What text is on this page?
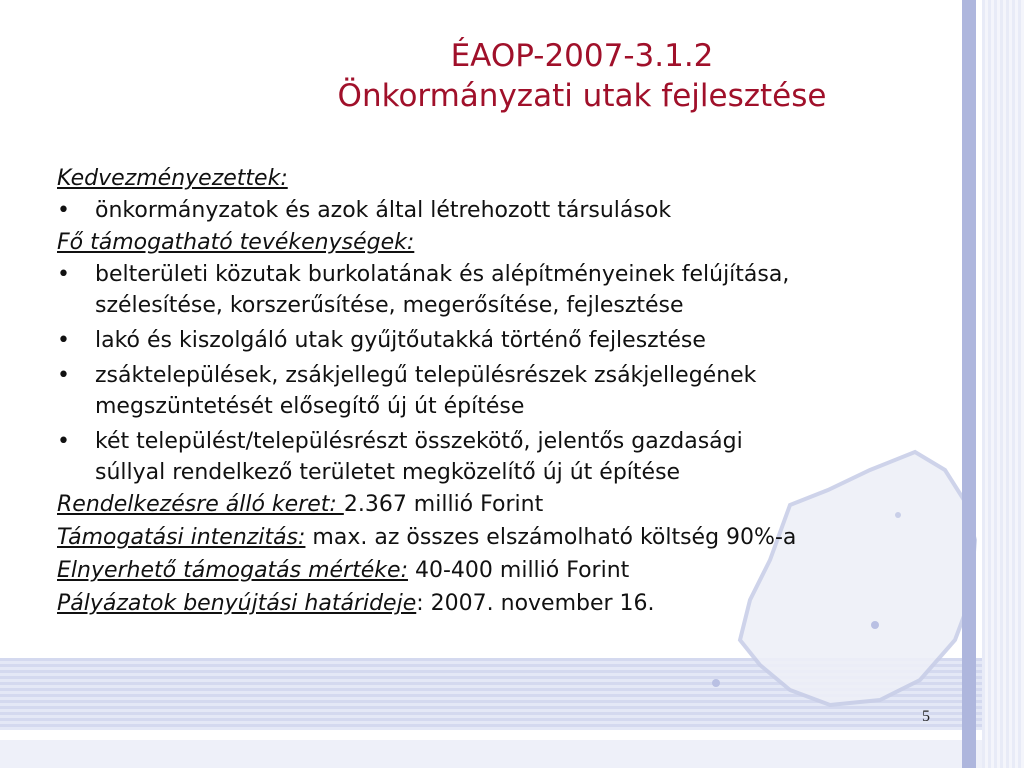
ÉAOP-2007-3.1.2
Önkormányzati utak fejlesztése

Kedvezményezettek:

• önkormányzatok és azok által létrehozott társulások

Fő támogatható tevékenységek:

• belterületi közutak burkolatának és alépítményeinek felújítása,
szélesítése, korszerűsítése, megerősítése, fejlesztése

• lakó és kiszolgáló utak gyűjtőutakká történő fejlesztése

• zsáktelepülések, zsákjellegű településrészek zsákjellegének
megszüntetését elősegítő új út építése

• két települést/településrészt összekötő, jelentős gazdasági
súllyal rendelkező területet megközelítő új út építése

Rendelkezésre álló keret: 2.367 millió Forint

Támogatási intenzitás: max. az összes elszámolható költség 90%-a

Elnyerhető támogatás mértéke: 40-400 millió Forint

Pályázatok benyújtási határideje: 2007. november 16.

5
